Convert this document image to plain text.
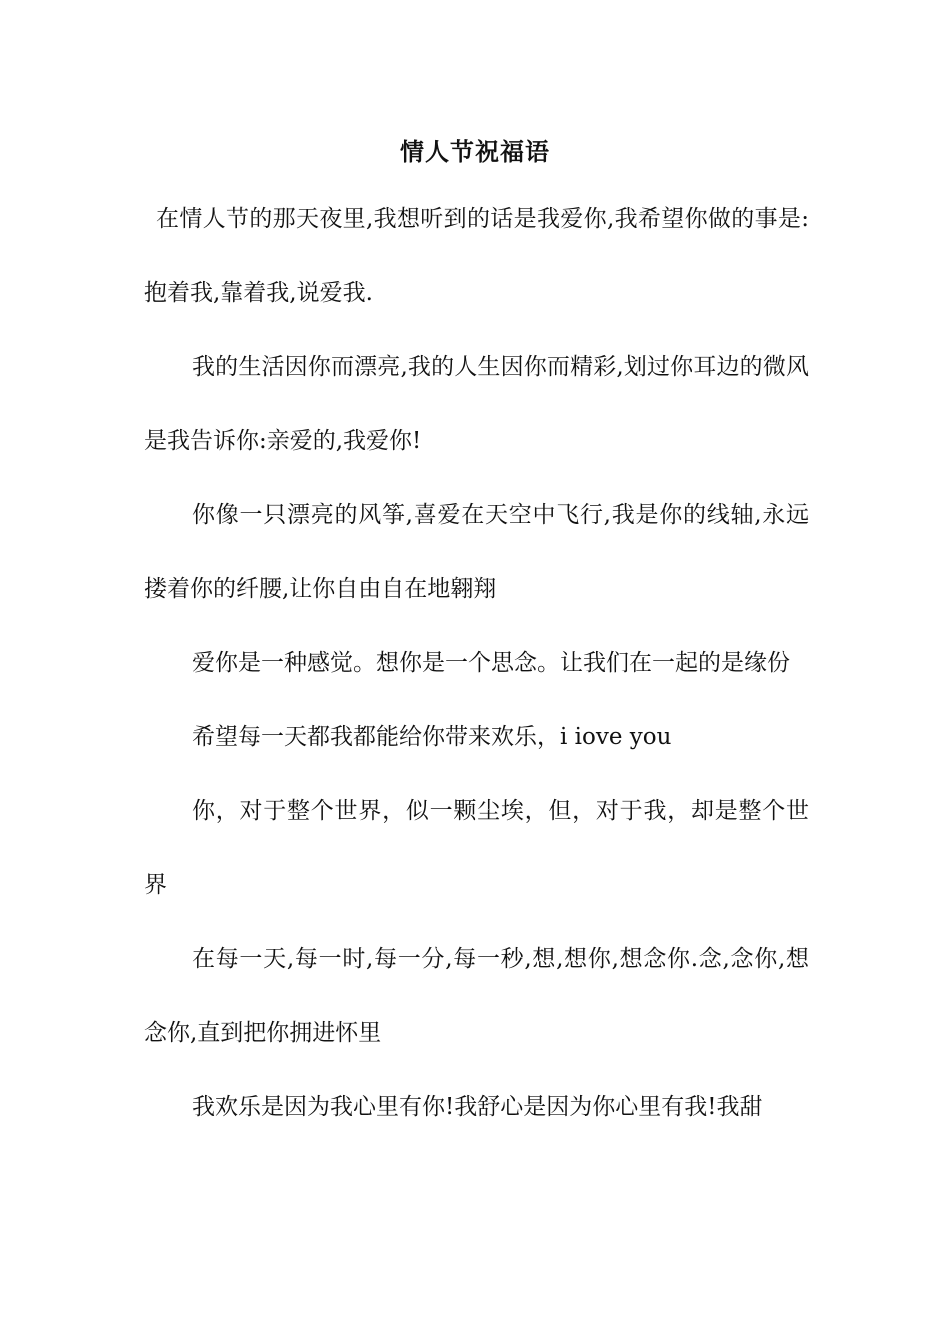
情人节祝福语

在情人节的那天夜里,我想听到的话是我爱你,我希望你做的事是:抱着我,靠着我,说爱我.

我的生活因你而漂亮,我的人生因你而精彩,划过你耳边的微风是我告诉你:亲爱的,我爱你!

你像一只漂亮的风筝,喜爱在天空中飞行,我是你的线轴,永远搂着你的纤腰,让你自由自在地翱翔

爱你是一种感觉。想你是一个思念。让我们在一起的是缘份

希望每一天都我都能给你带来欢乐，i iove you

你，对于整个世界，似一颗尘埃，但，对于我，却是整个世界

在每一天,每一时,每一分,每一秒,想,想你,想念你.念,念你,想念你,直到把你拥进怀里

我欢乐是因为我心里有你!我舒心是因为你心里有我!我甜
